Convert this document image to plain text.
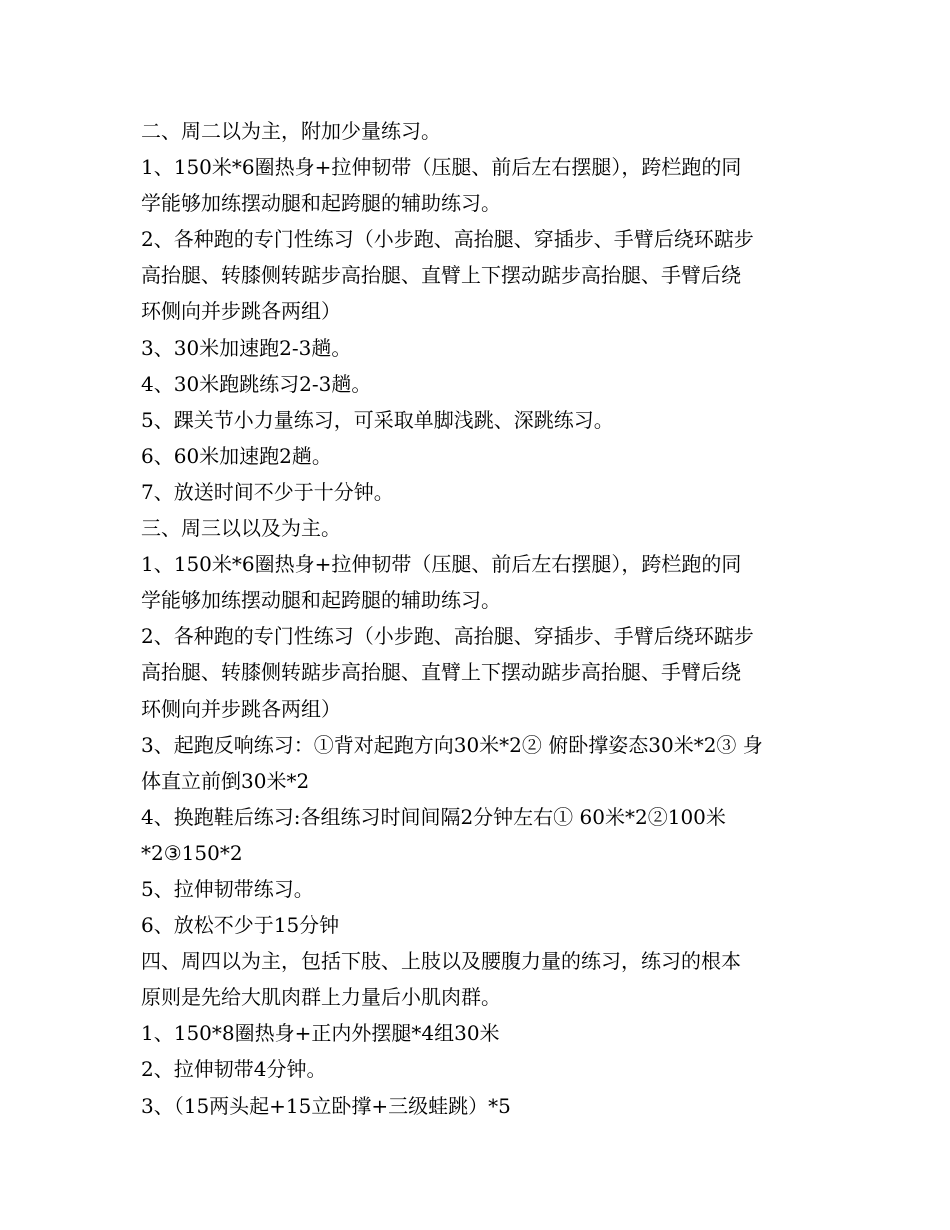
二、周二以为主，附加少量练习。
1、150米*6圈热身+拉伸韧带（压腿、前后左右摆腿），跨栏跑的同
学能够加练摆动腿和起跨腿的辅助练习。
2、各种跑的专门性练习（小步跑、高抬腿、穿插步、手臂后绕环踮步
高抬腿、转膝侧转踮步高抬腿、直臂上下摆动踮步高抬腿、手臂后绕
环侧向并步跳各两组）
3、30米加速跑2-3趟。
4、30米跑跳练习2-3趟。
5、踝关节小力量练习，可采取单脚浅跳、深跳练习。
6、60米加速跑2趟。
7、放送时间不少于十分钟。
三、周三以以及为主。
1、150米*6圈热身+拉伸韧带（压腿、前后左右摆腿），跨栏跑的同
学能够加练摆动腿和起跨腿的辅助练习。
2、各种跑的专门性练习（小步跑、高抬腿、穿插步、手臂后绕环踮步
高抬腿、转膝侧转踮步高抬腿、直臂上下摆动踮步高抬腿、手臂后绕
环侧向并步跳各两组）
3、起跑反响练习：①背对起跑方向30米*2② 俯卧撑姿态30米*2③ 身
体直立前倒30米*2
4、换跑鞋后练习:各组练习时间间隔2分钟左右① 60米*2②100米
*2③150*2
5、拉伸韧带练习。
6、放松不少于15分钟
四、周四以为主，包括下肢、上肢以及腰腹力量的练习，练习的根本
原则是先给大肌肉群上力量后小肌肉群。
1、150*8圈热身+正内外摆腿*4组30米
2、拉伸韧带4分钟。
3、（15两头起+15立卧撑+三级蛙跳）*5
